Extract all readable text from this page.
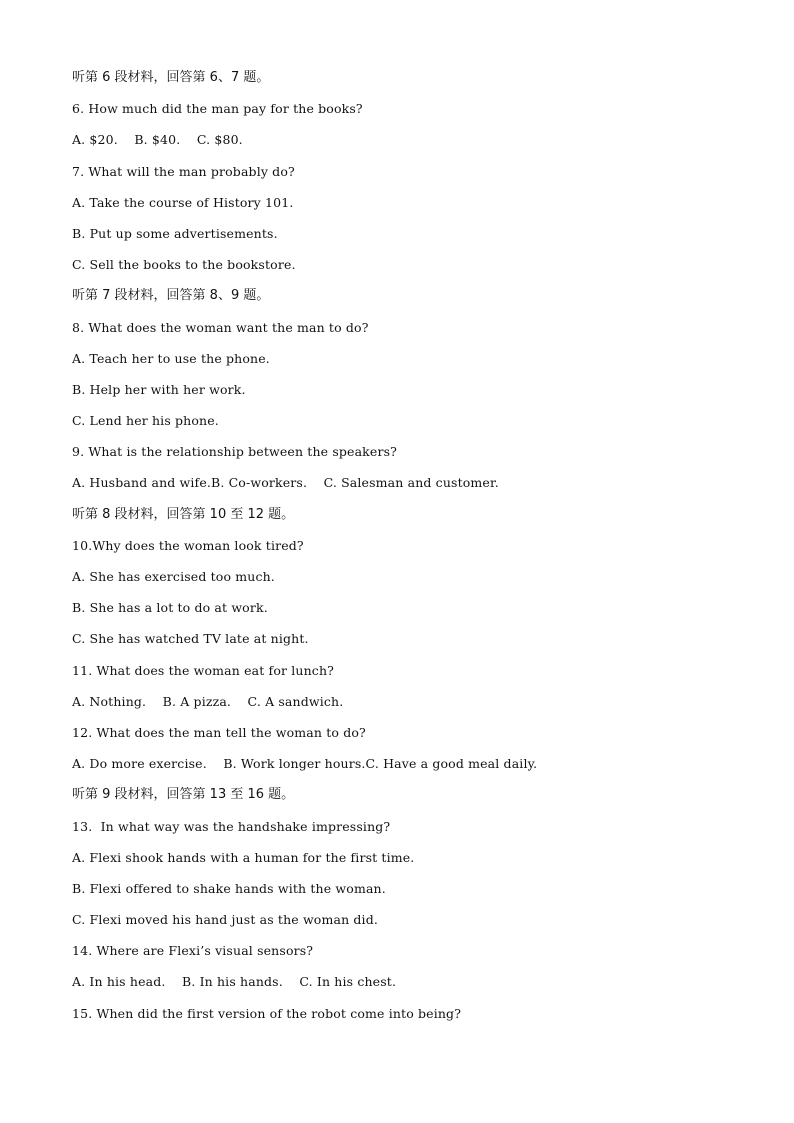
听第 6 段材料，回答第 6、7 题。
6. How much did the man pay for the books?
A. $20.    B. $40.    C. $80.
7. What will the man probably do?
A. Take the course of History 101.
B. Put up some advertisements.
C. Sell the books to the bookstore.
听第 7 段材料，回答第 8、9 题。
8. What does the woman want the man to do?
A. Teach her to use the phone.
B. Help her with her work.
C. Lend her his phone.
9. What is the relationship between the speakers?
A. Husband and wife.B. Co-workers.    C. Salesman and customer.
听第 8 段材料，回答第 10 至 12 题。
10.Why does the woman look tired?
A. She has exercised too much.
B. She has a lot to do at work.
C. She has watched TV late at night.
11. What does the woman eat for lunch?
A. Nothing.    B. A pizza.    C. A sandwich.
12. What does the man tell the woman to do?
A. Do more exercise.    B. Work longer hours.C. Have a good meal daily.
听第 9 段材料，回答第 13 至 16 题。
13.  In what way was the handshake impressing?
A. Flexi shook hands with a human for the first time.
B. Flexi offered to shake hands with the woman.
C. Flexi moved his hand just as the woman did.
14. Where are Flexi’s visual sensors?
A. In his head.    B. In his hands.    C. In his chest.
15. When did the first version of the robot come into being?
